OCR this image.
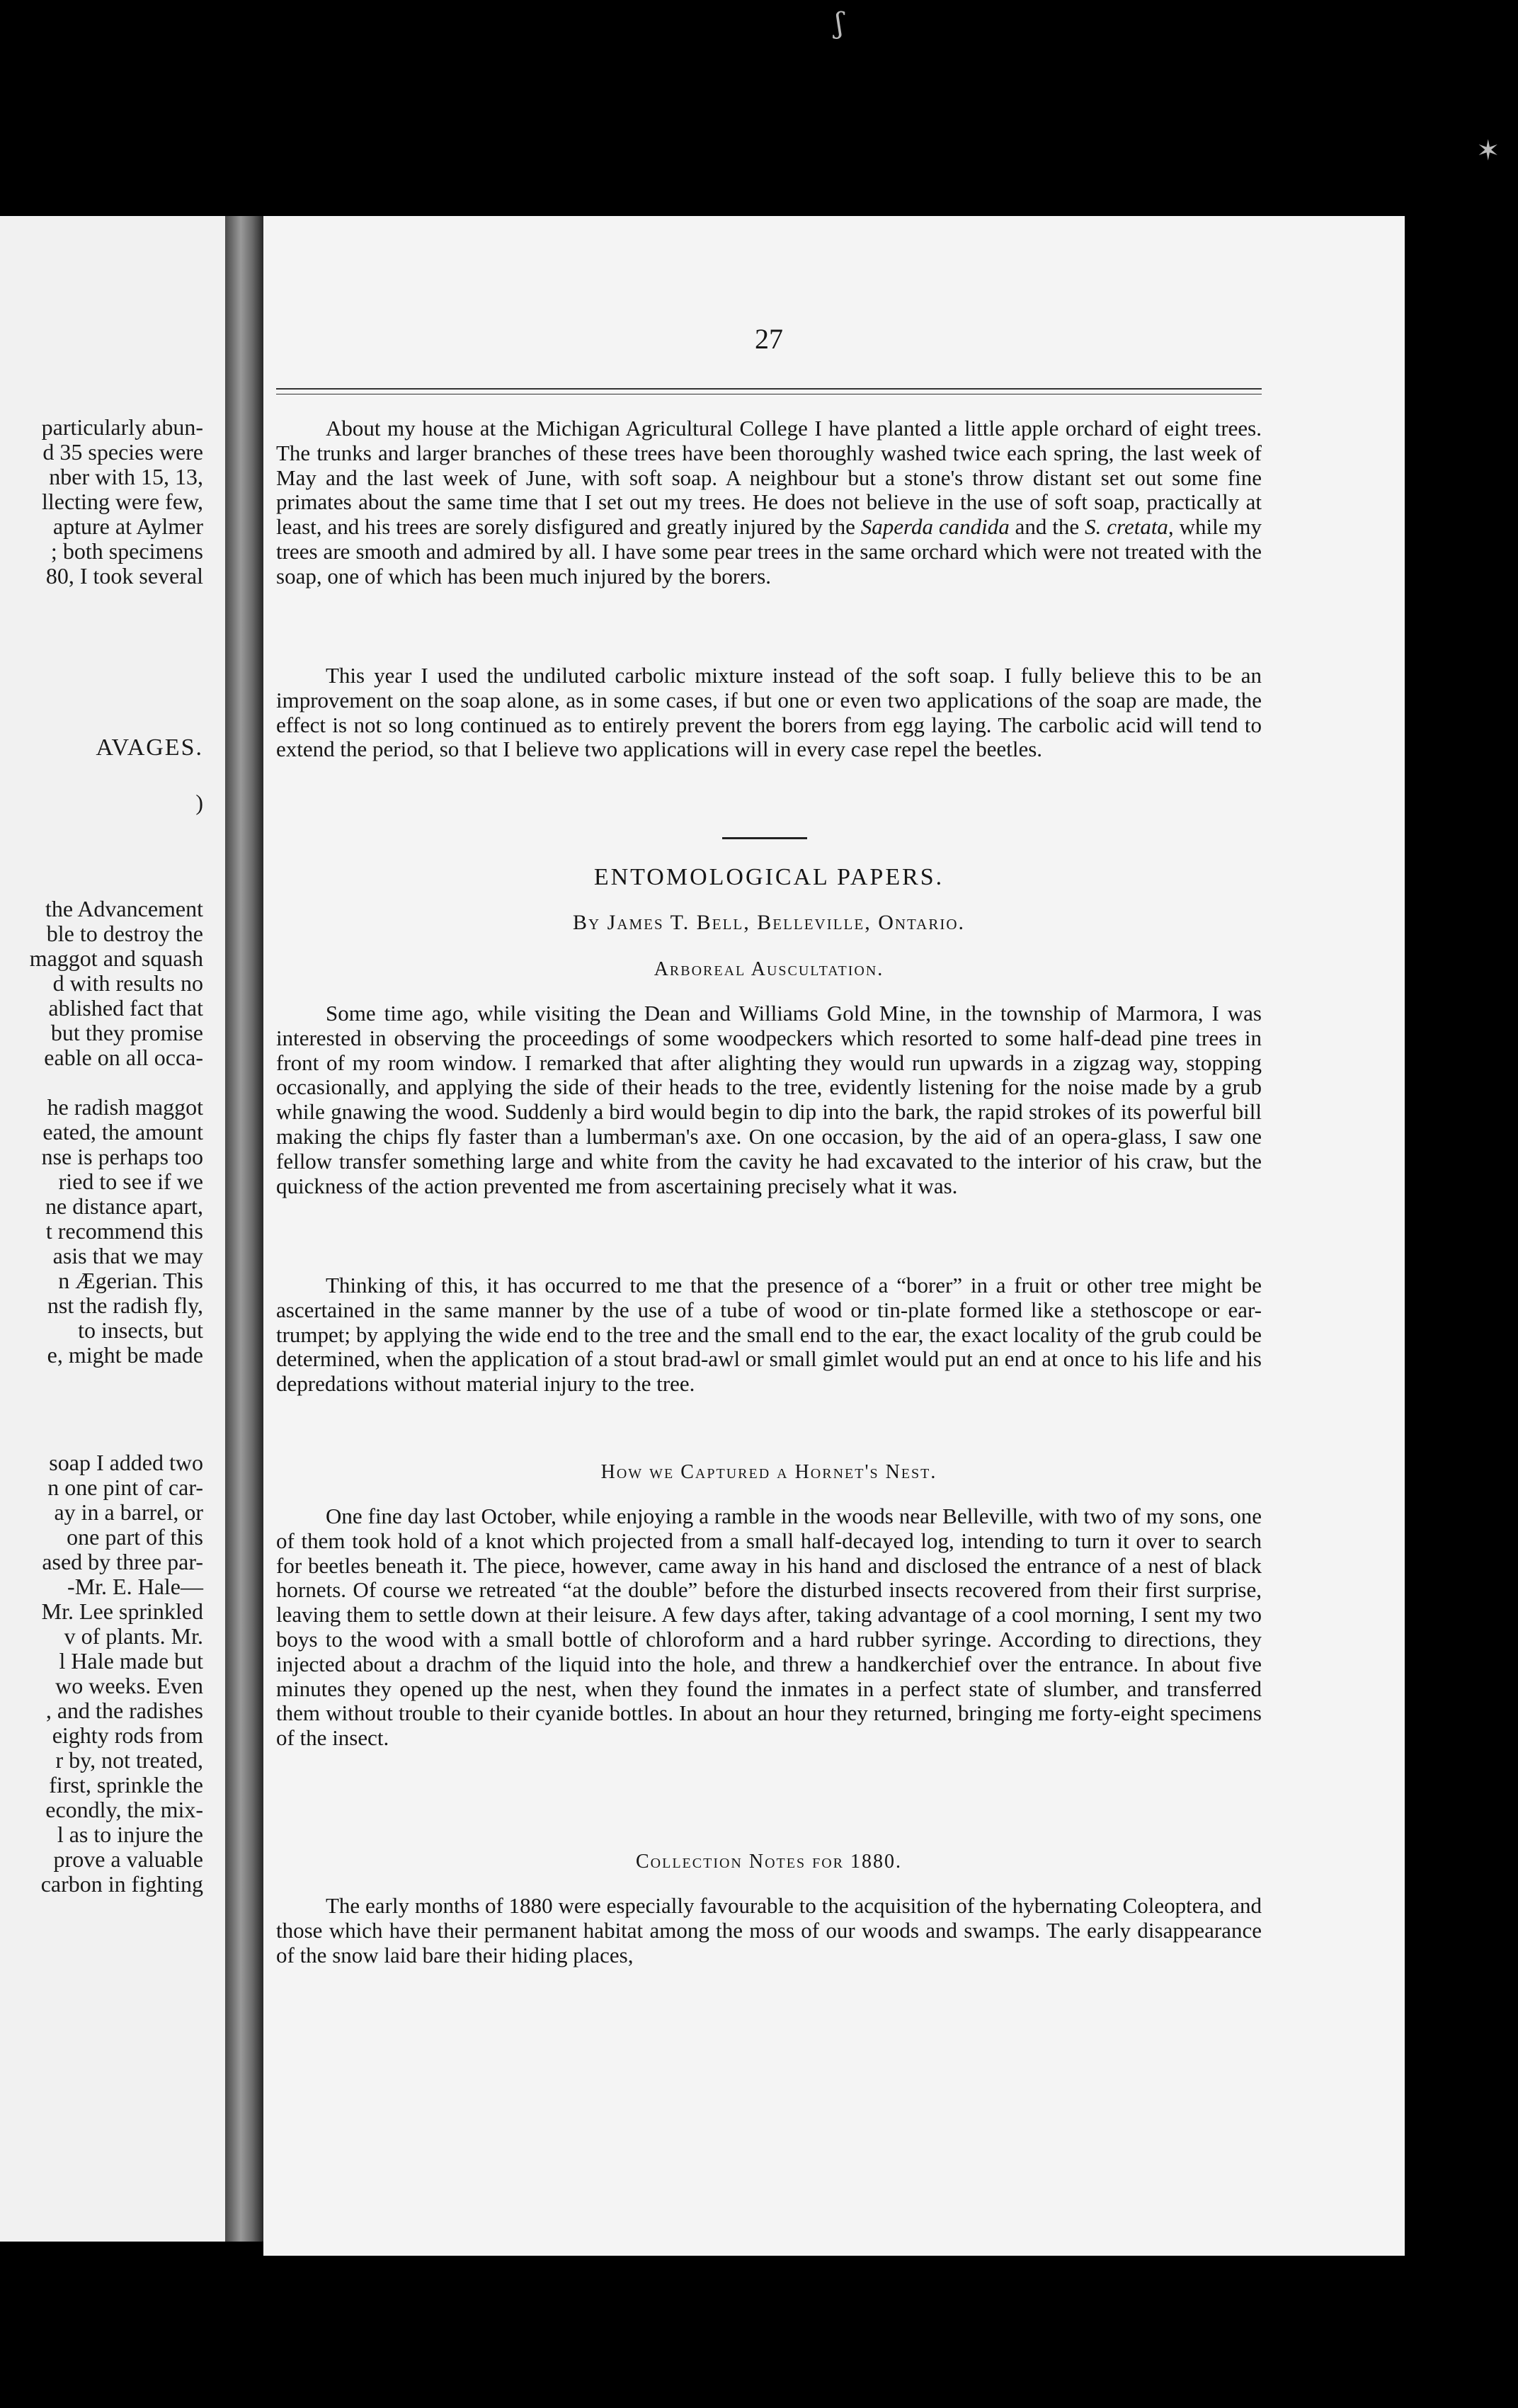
particularly abun-
d 35 species were
nber with 15, 13,
llecting were few,
apture at Aylmer
; both specimens
80, I took several
AVAGES.
)
the Advancement
ble to destroy the
maggot and squash
d with results no
ablished fact that
but they promise
eable on all occa-
he radish maggot
eated, the amount
nse is perhaps too
ried to see if we
ne distance apart,
t recommend this
asis that we may
n Ægerian. This
nst the radish fly,
to insects, but
e, might be made
soap I added two
n one pint of car-
ay in a barrel, or
one part of this
ased by three par-
-Mr. E. Hale—
Mr. Lee sprinkled
v of plants. Mr.
l Hale made but
wo weeks. Even
, and the radishes
eighty rods from
r by, not treated,
first, sprinkle the
econdly, the mix-
l as to injure the
prove a valuable
carbon in fighting
ʃ
✶
27
About my house at the Michigan Agricultural College I have planted a little apple orchard of eight trees. The trunks and larger branches of these trees have been thoroughly washed twice each spring, the last week of May and the last week of June, with soft soap. A neighbour but a stone's throw distant set out some fine primates about the same time that I set out my trees. He does not believe in the use of soft soap, practically at least, and his trees are sorely disfigured and greatly injured by the Saperda candida and the S. cretata, while my trees are smooth and admired by all. I have some pear trees in the same orchard which were not treated with the soap, one of which has been much injured by the borers.
This year I used the undiluted carbolic mixture instead of the soft soap. I fully believe this to be an improvement on the soap alone, as in some cases, if but one or even two applications of the soap are made, the effect is not so long continued as to entirely prevent the borers from egg laying. The carbolic acid will tend to extend the period, so that I believe two applications will in every case repel the beetles.
ENTOMOLOGICAL PAPERS.
By James T. Bell, Belleville, Ontario.
Arboreal Auscultation.
Some time ago, while visiting the Dean and Williams Gold Mine, in the township of Marmora, I was interested in observing the proceedings of some woodpeckers which resorted to some half-dead pine trees in front of my room window. I remarked that after alighting they would run upwards in a zigzag way, stopping occasionally, and applying the side of their heads to the tree, evidently listening for the noise made by a grub while gnawing the wood. Suddenly a bird would begin to dip into the bark, the rapid strokes of its powerful bill making the chips fly faster than a lumberman's axe. On one occasion, by the aid of an opera-glass, I saw one fellow transfer something large and white from the cavity he had excavated to the interior of his craw, but the quickness of the action prevented me from ascertaining precisely what it was.
Thinking of this, it has occurred to me that the presence of a “borer” in a fruit or other tree might be ascertained in the same manner by the use of a tube of wood or tin-plate formed like a stethoscope or ear-trumpet; by applying the wide end to the tree and the small end to the ear, the exact locality of the grub could be determined, when the application of a stout brad-awl or small gimlet would put an end at once to his life and his depredations without material injury to the tree.
How we Captured a Hornet's Nest.
One fine day last October, while enjoying a ramble in the woods near Belleville, with two of my sons, one of them took hold of a knot which projected from a small half-decayed log, intending to turn it over to search for beetles beneath it. The piece, however, came away in his hand and disclosed the entrance of a nest of black hornets. Of course we retreated “at the double” before the disturbed insects recovered from their first surprise, leaving them to settle down at their leisure. A few days after, taking advantage of a cool morning, I sent my two boys to the wood with a small bottle of chloroform and a hard rubber syringe. According to directions, they injected about a drachm of the liquid into the hole, and threw a handkerchief over the entrance. In about five minutes they opened up the nest, when they found the inmates in a perfect state of slumber, and transferred them without trouble to their cyanide bottles. In about an hour they returned, bringing me forty-eight specimens of the insect.
Collection Notes for 1880.
The early months of 1880 were especially favourable to the acquisition of the hybernating Coleoptera, and those which have their permanent habitat among the moss of our woods and swamps. The early disappearance of the snow laid bare their hiding places,
